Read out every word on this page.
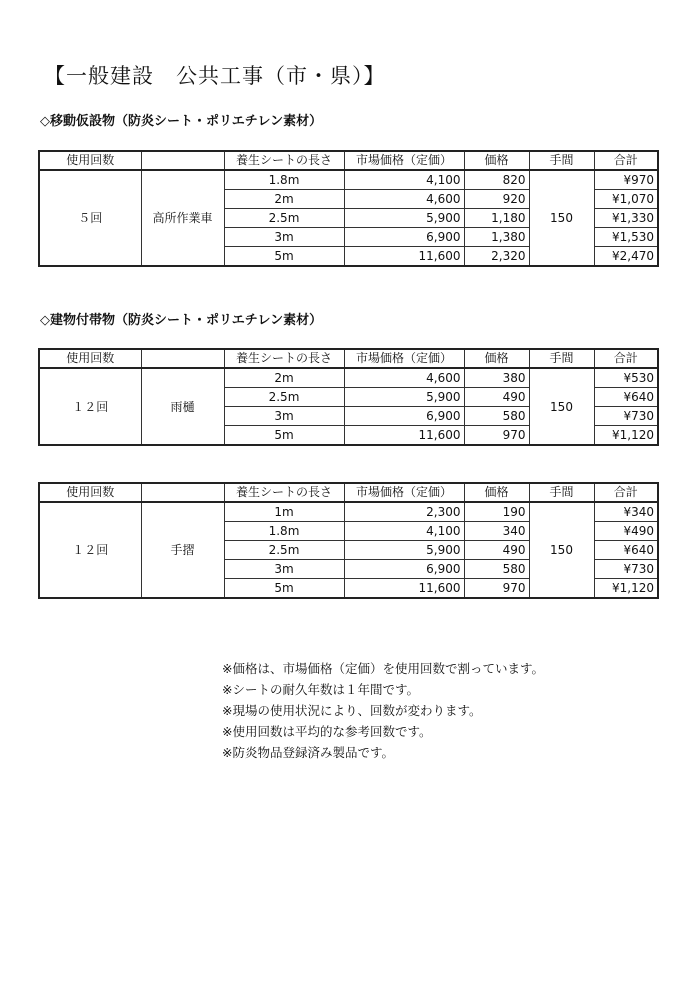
【一般建設　公共工事（市・県）】
◇移動仮設物（防炎シート・ポリエチレン素材）
使用回数		養生シートの長さ	市場価格（定価）	価格	手間	合計
５回	高所作業車	1.8m	4,100	820	150	¥970
		2m	4,600	920		¥1,070
		2.5m	5,900	1,180		¥1,330
		3m	6,900	1,380		¥1,530
		5m	11,600	2,320		¥2,470
◇建物付帯物（防炎シート・ポリエチレン素材）
使用回数		養生シートの長さ	市場価格（定価）	価格	手間	合計
１２回	雨樋	2m	4,600	380	150	¥530
		2.5m	5,900	490		¥640
		3m	6,900	580		¥730
		5m	11,600	970		¥1,120
使用回数		養生シートの長さ	市場価格（定価）	価格	手間	合計
１２回	手摺	1m	2,300	190	150	¥340
		1.8m	4,100	340		¥490
		2.5m	5,900	490		¥640
		3m	6,900	580		¥730
		5m	11,600	970		¥1,120
※価格は、市場価格（定価）を使用回数で割っています。
※シートの耐久年数は１年間です。
※現場の使用状況により、回数が変わります。
※使用回数は平均的な参考回数です。
※防炎物品登録済み製品です。
